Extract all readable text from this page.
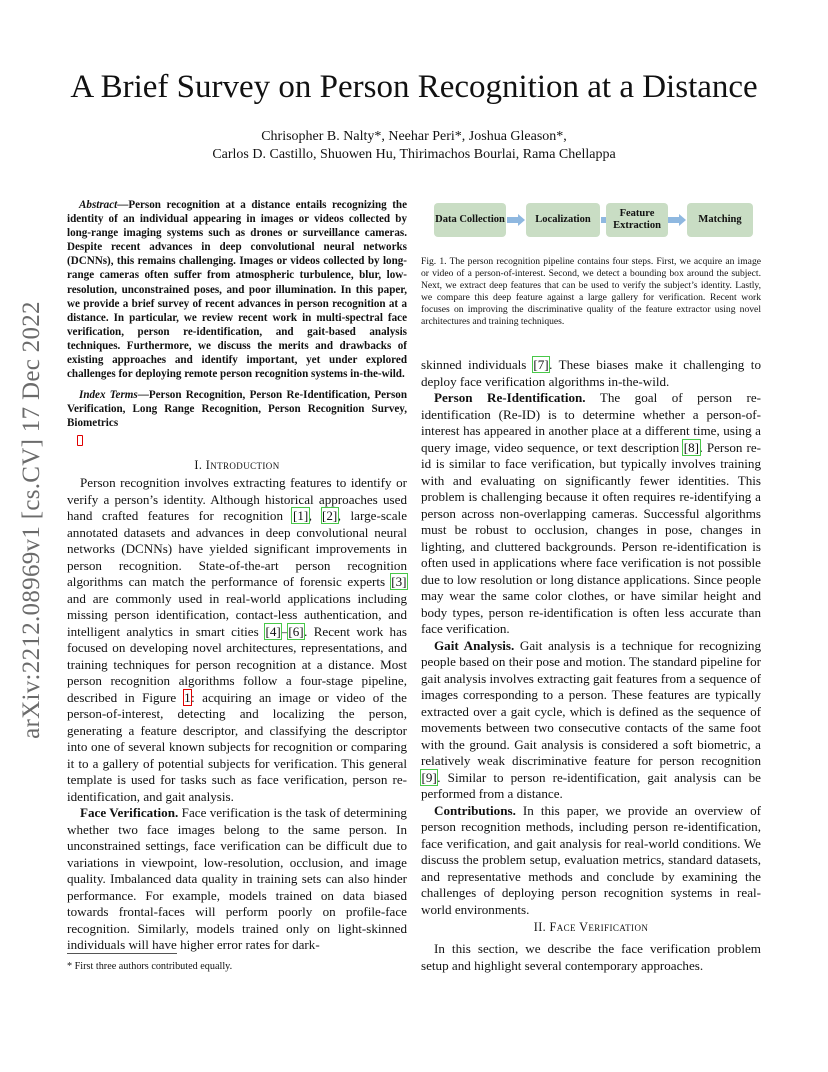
arXiv:2212.08969v1 [cs.CV] 17 Dec 2022
A Brief Survey on Person Recognition at a Distance
Chrisopher B. Nalty*, Neehar Peri*, Joshua Gleason*,
Carlos D. Castillo, Shuowen Hu, Thirimachos Bourlai, Rama Chellappa
Abstract—Person recognition at a distance entails recognizing the identity of an individual appearing in images or videos collected by long-range imaging systems such as drones or surveillance cameras. Despite recent advances in deep convolutional neural networks (DCNNs), this remains challenging. Images or videos collected by long-range cameras often suffer from atmospheric turbulence, blur, low-resolution, unconstrained poses, and poor illumination. In this paper, we provide a brief survey of recent advances in person recognition at a distance. In particular, we review recent work in multi-spectral face verification, person re-identification, and gait-based analysis techniques. Furthermore, we discuss the merits and drawbacks of existing approaches and identify important, yet under explored challenges for deploying remote person recognition systems in-the-wild.
Index Terms—Person Recognition, Person Re-Identification, Person Verification, Long Range Recognition, Person Recognition Survey, Biometrics
I. Introduction

Person recognition involves extracting features to identify or verify a person’s identity. Although historical approaches used hand crafted features for recognition [1], [2], large-scale annotated datasets and advances in deep convolutional neural networks (DCNNs) have yielded significant improvements in person recognition. State-of-the-art person recognition algorithms can match the performance of forensic experts [3] and are commonly used in real-world applications including missing person identification, contact-less authentication, and intelligent analytics in smart cities [4]–[6]. Recent work has focused on developing novel architectures, representations, and training techniques for person recognition at a distance. Most person recognition algorithms follow a four-stage pipeline, described in Figure 1: acquiring an image or video of the person-of-interest, detecting and localizing the person, generating a feature descriptor, and classifying the descriptor into one of several known subjects for recognition or comparing it to a gallery of potential subjects for verification. This general template is used for tasks such as face verification, person re-identification, and gait analysis.

Face Verification. Face verification is the task of determining whether two face images belong to the same person. In unconstrained settings, face verification can be difficult due to variations in viewpoint, low-resolution, occlusion, and image quality. Imbalanced data quality in training sets can also hinder performance. For example, models trained on data biased towards frontal-faces will perform poorly on profile-face recognition. Similarly, models trained only on light-skinned individuals will have higher error rates for dark-

* First three authors contributed equally.
Data Collection	Localization
Feature Extraction
Matching
Fig. 1. The person recognition pipeline contains four steps. First, we acquire an image or video of a person-of-interest. Second, we detect a bounding box around the subject. Next, we extract deep features that can be used to verify the subject’s identity. Lastly, we compare this deep feature against a large gallery for verification. Recent work focuses on improving the discriminative quality of the feature extractor using novel architectures and training techniques.

skinned individuals [7]. These biases make it challenging to deploy face verification algorithms in-the-wild.

Person Re-Identification. The goal of person re-identification (Re-ID) is to determine whether a person-of-interest has appeared in another place at a different time, using a query image, video sequence, or text description [8]. Person re-id is similar to face verification, but typically involves training with and evaluating on significantly fewer identities. This problem is challenging because it often requires re-identifying a person across non-overlapping cameras. Successful algorithms must be robust to occlusion, changes in pose, changes in lighting, and cluttered backgrounds. Person re-identification is often used in applications where face verification is not possible due to low resolution or long distance applications. Since people may wear the same color clothes, or have similar height and body types, person re-identification is often less accurate than face verification.

Gait Analysis. Gait analysis is a technique for recognizing people based on their pose and motion. The standard pipeline for gait analysis involves extracting gait features from a sequence of images corresponding to a person. These features are typically extracted over a gait cycle, which is defined as the sequence of movements between two consecutive contacts of the same foot with the ground. Gait analysis is considered a soft biometric, a relatively weak discriminative feature for person recognition [9]. Similar to person re-identification, gait analysis can be performed from a distance.

Contributions. In this paper, we provide an overview of person recognition methods, including person re-identification, face verification, and gait analysis for real-world conditions. We discuss the problem setup, evaluation metrics, standard datasets, and representative methods and conclude by examining the challenges of deploying person recognition systems in real-world environments.

II. Face Verification

In this section, we describe the face verification problem setup and highlight several contemporary approaches.
